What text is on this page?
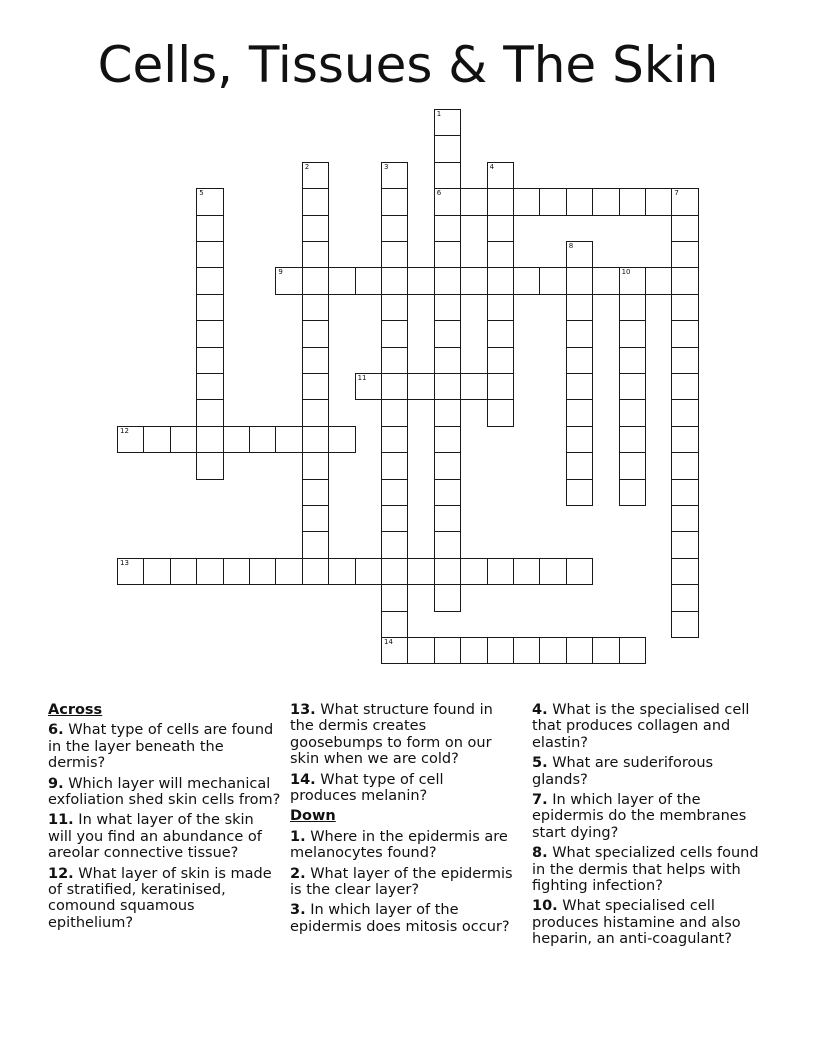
Cells, Tissues & The Skin
1
6
2	3
14
4
5	7
8
9	10
11
12
13

Across

6. What type of cells are found in the layer beneath the dermis?

9. Which layer will mechanical exfoliation shed skin cells from?

11. In what layer of the skin will you find an abundance of areolar connective tissue?

12. What layer of skin is made of stratified, keratinised, comound squamous epithelium?

13. What structure found in the dermis creates goosebumps to form on our skin when we are cold?

14. What type of cell produces melanin?

Down

1. Where in the epidermis are melanocytes found?

2. What layer of the epidermis is the clear layer?

3. In which layer of the epidermis does mitosis occur?

4. What is the specialised cell that produces collagen and elastin?

5. What are suderiforous glands?

7. In which layer of the epidermis do the membranes start dying?

8. What specialized cells found in the dermis that helps with fighting infection?

10. What specialised cell produces histamine and also heparin, an anti-coagulant?
